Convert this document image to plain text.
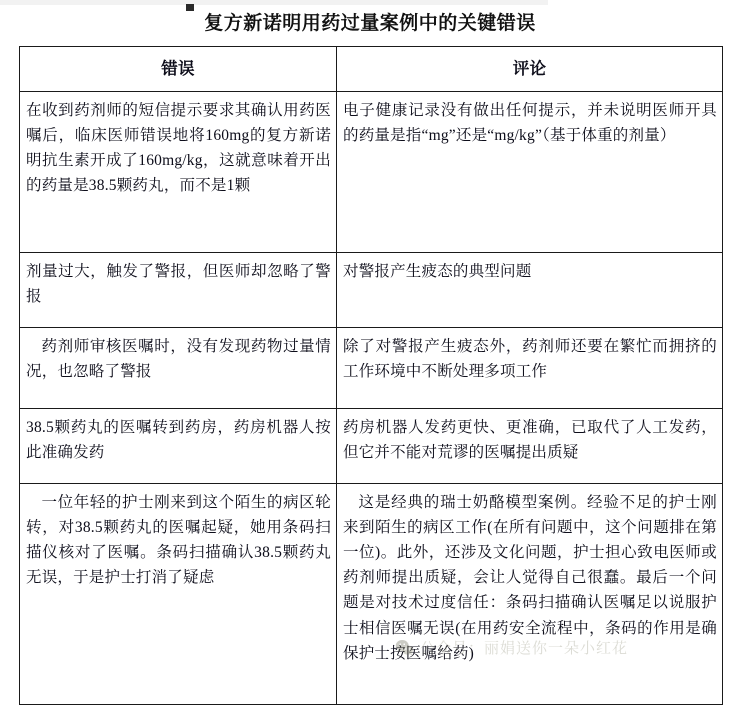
复方新诺明用药过量案例中的关键错误
错误	评论

在收到药剂师的短信提示要求其确认用药医嘱后，临床医师错误地将160mg的复方新诺明抗生素开成了160mg/kg，这就意味着开出的药量是38.5颗药丸，而不是1颗	电子健康记录没有做出任何提示，并未说明医师开具的药量是指“mg”还是“mg/kg”（基于体重的剂量）

剂量过大，触发了警报，但医师却忽略了警报	对警报产生疲态的典型问题

药剂师审核医嘱时，没有发现药物过量情况，也忽略了警报	除了对警报产生疲态外，药剂师还要在繁忙而拥挤的工作环境中不断处理多项工作

38.5颗药丸的医嘱转到药房，药房机器人按此准确发药	药房机器人发药更快、更准确，已取代了人工发药，但它并不能对荒谬的医嘱提出质疑

一位年轻的护士刚来到这个陌生的病区轮转，对38.5颗药丸的医嘱起疑，她用条码扫描仪核对了医嘱。条码扫描确认38.5颗药丸无误，于是护士打消了疑虑	这是经典的瑞士奶酪模型案例。经验不足的护士刚来到陌生的病区工作(在所有问题中，这个问题排在第一位)。此外，还涉及文化问题，护士担心致电医师或药剂师提出质疑，会让人觉得自己很蠢。最后一个问题是对技术过度信任：条码扫描确认医嘱足以说服护士相信医嘱无误(在用药安全流程中，条码的作用是确保护士按医嘱给药)

公众号：丽娟送你一朵小红花
